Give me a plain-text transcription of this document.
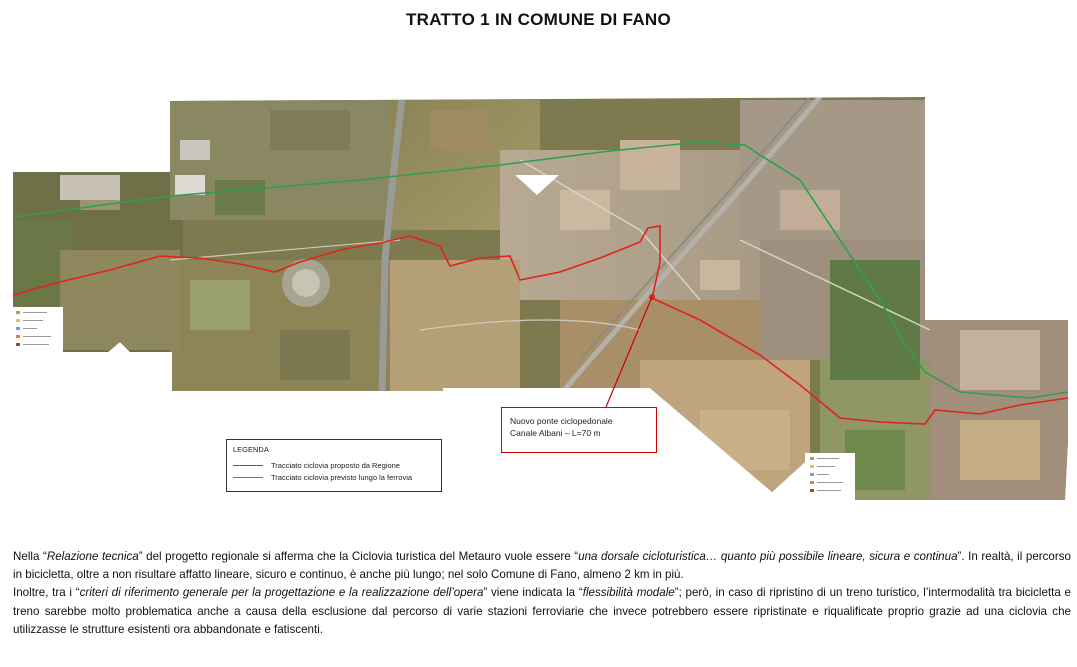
TRATTO 1 IN COMUNE DI FANO
LEGENDA
Tracciato ciclovia proposto da Regione
Tracciato ciclovia previsto lungo la ferrovia
Nuovo ponte ciclopedonale
Canale Albani – L=70 m

Nella “Relazione tecnica” del progetto regionale si afferma che la Ciclovia turistica del Metauro vuole essere “una dorsale cicloturistica… quanto più possibile lineare, sicura e continua”. In realtà, il percorso in bicicletta, oltre a non risultare affatto lineare, sicuro e continuo, è anche più lungo; nel solo Comune di Fano, almeno 2 km in più.

Inoltre, tra i “criteri di riferimento generale per la progettazione e la realizzazione dell’opera” viene indicata la “flessibilità modale”; però, in caso di ripristino di un treno turistico, l’intermodalità tra bicicletta e treno sarebbe molto problematica anche a causa della esclusione dal percorso di varie stazioni ferroviarie che invece potrebbero essere ripristinate e riqualificate proprio grazie ad una ciclovia che utilizzasse le strutture esistenti ora abbandonate e fatiscenti.
